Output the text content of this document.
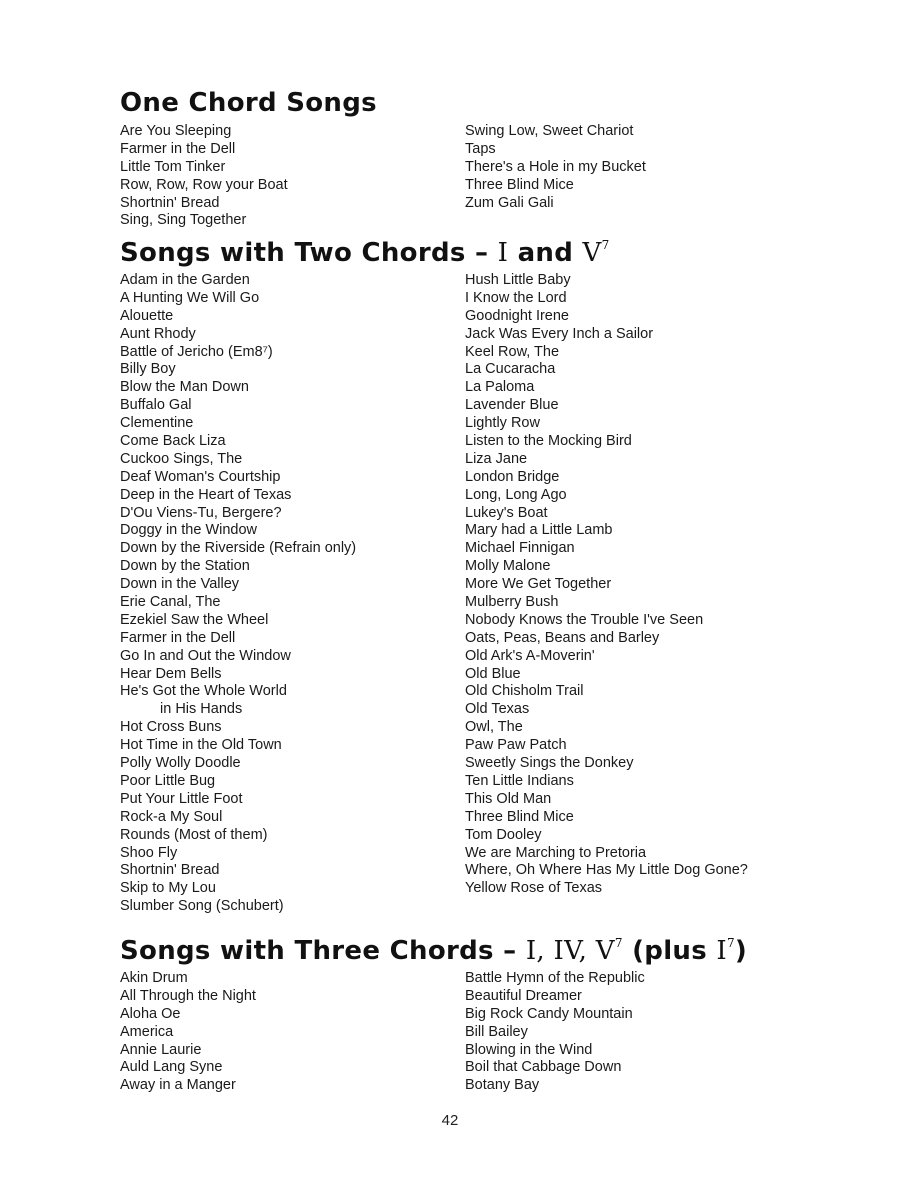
One Chord Songs
Are You Sleeping
Farmer in the Dell
Little Tom Tinker
Row, Row, Row your Boat
Shortnin' Bread
Sing, Sing Together
Swing Low, Sweet Chariot
Taps
There's a Hole in my Bucket
Three Blind Mice
Zum Gali Gali
Songs with Two Chords – I and $V^7$
Adam in the Garden
A Hunting We Will Go
Alouette
Aunt Rhody
Battle of Jericho (Em8⁷)
Billy Boy
Blow the Man Down
Buffalo Gal
Clementine
Come Back Liza
Cuckoo Sings, The
Deaf Woman's Courtship
Deep in the Heart of Texas
D'Ou Viens-Tu, Bergere?
Doggy in the Window
Down by the Riverside (Refrain only)
Down by the Station
Down in the Valley
Erie Canal, The
Ezekiel Saw the Wheel
Farmer in the Dell
Go In and Out the Window
Hear Dem Bells
He's Got the Whole World
in His Hands
Hot Cross Buns
Hot Time in the Old Town
Polly Wolly Doodle
Poor Little Bug
Put Your Little Foot
Rock-a My Soul
Rounds (Most of them)
Shoo Fly
Shortnin' Bread
Skip to My Lou
Slumber Song (Schubert)
Hush Little Baby
I Know the Lord
Goodnight Irene
Jack Was Every Inch a Sailor
Keel Row, The
La Cucaracha
La Paloma
Lavender Blue
Lightly Row
Listen to the Mocking Bird
Liza Jane
London Bridge
Long, Long Ago
Lukey's Boat
Mary had a Little Lamb
Michael Finnigan
Molly Malone
More We Get Together
Mulberry Bush
Nobody Knows the Trouble I've Seen
Oats, Peas, Beans and Barley
Old Ark's A-Moverin'
Old Blue
Old Chisholm Trail
Old Texas
Owl, The
Paw Paw Patch
Sweetly Sings the Donkey
Ten Little Indians
This Old Man
Three Blind Mice
Tom Dooley
We are Marching to Pretoria
Where, Oh Where Has My Little Dog Gone?
Yellow Rose of Texas
Songs with Three Chords – I, IV, $V^7$ (plus $I^7$)
Akin Drum
All Through the Night
Aloha Oe
America
Annie Laurie
Auld Lang Syne
Away in a Manger
Battle Hymn of the Republic
Beautiful Dreamer
Big Rock Candy Mountain
Bill Bailey
Blowing in the Wind
Boil that Cabbage Down
Botany Bay
42
